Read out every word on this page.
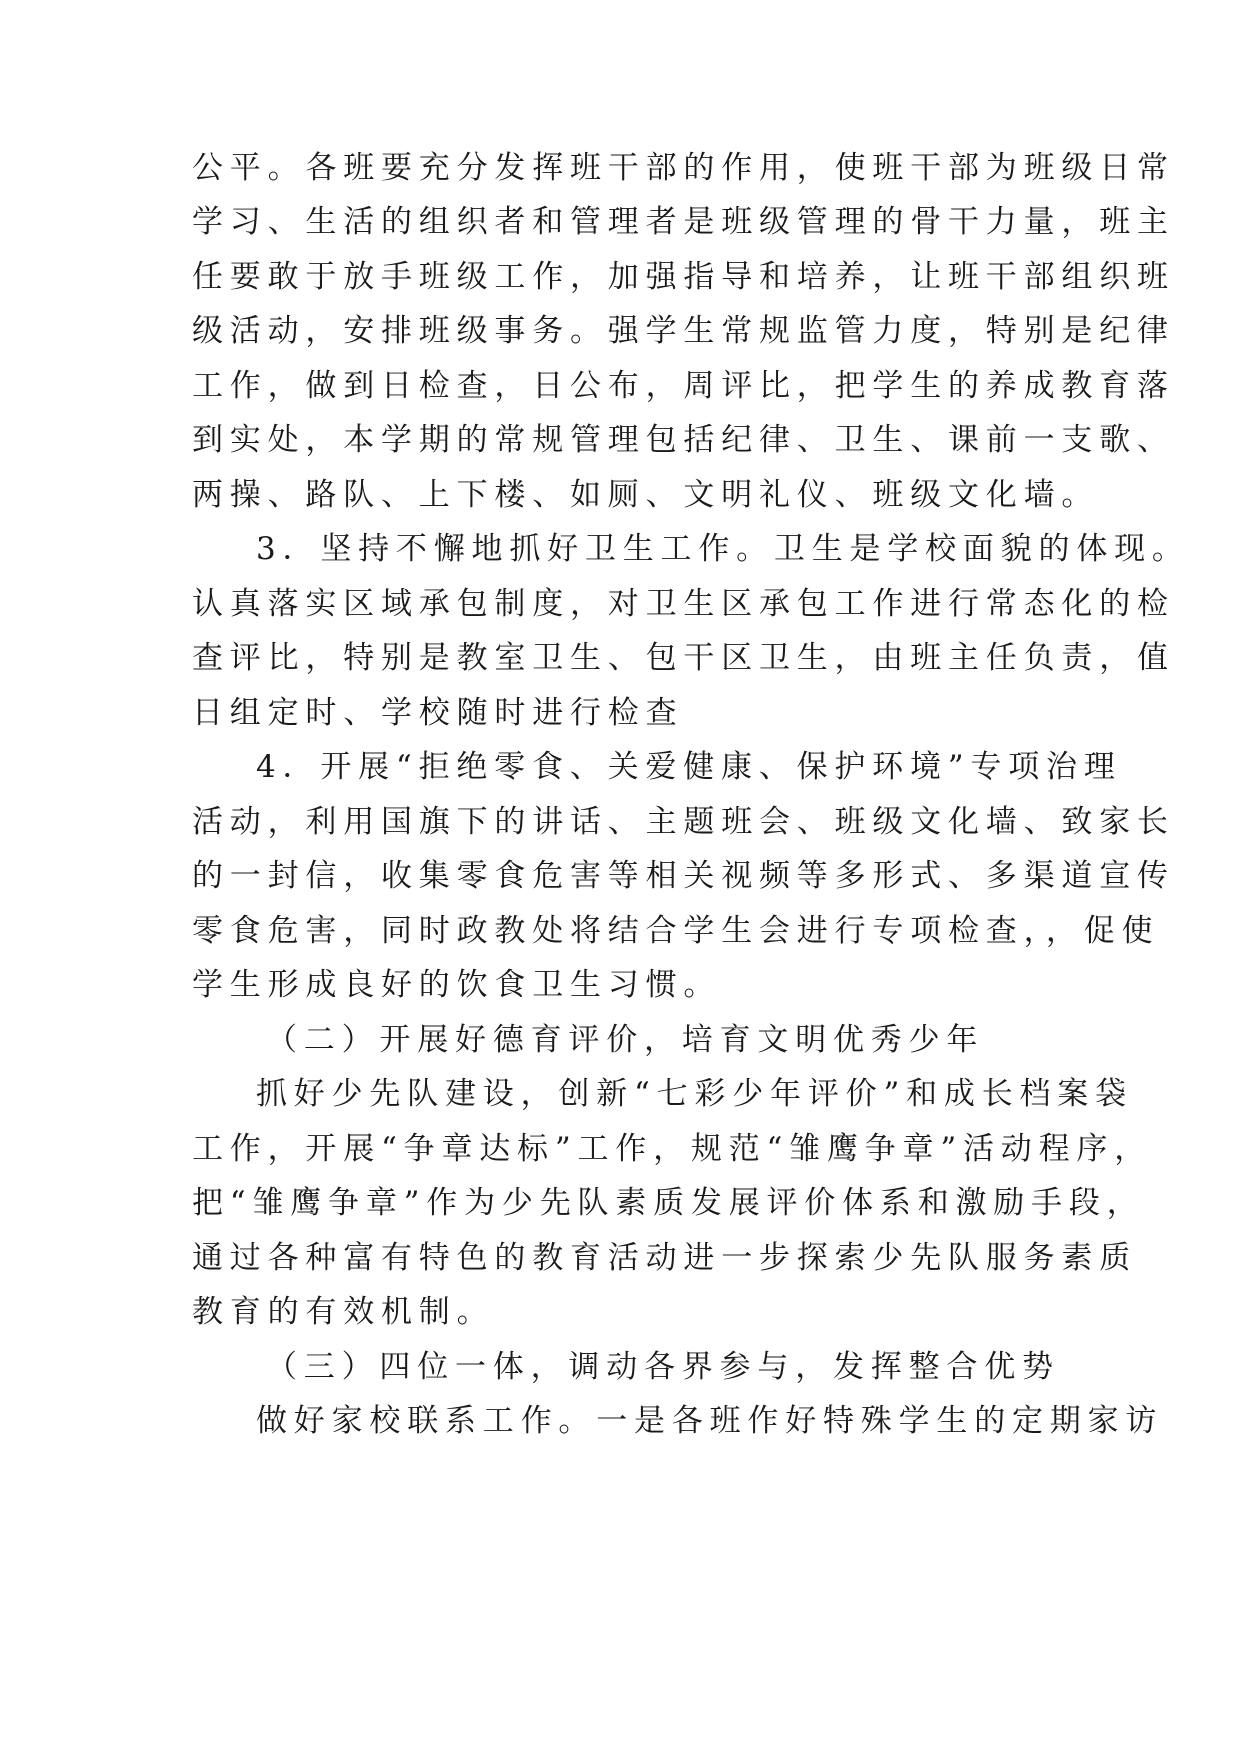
公平。各班要充分发挥班干部的作用，使班干部为班级日常
学习、生活的组织者和管理者是班级管理的骨干力量，班主
任要敢于放手班级工作，加强指导和培养，让班干部组织班
级活动，安排班级事务。强学生常规监管力度，特别是纪律
工作，做到日检查，日公布，周评比，把学生的养成教育落
到实处，本学期的常规管理包括纪律、卫生、课前一支歌、
两操、路队、上下楼、如厕、文明礼仪、班级文化墙。
3．坚持不懈地抓好卫生工作。卫生是学校面貌的体现。
认真落实区域承包制度，对卫生区承包工作进行常态化的检
查评比，特别是教室卫生、包干区卫生，由班主任负责，值
日组定时、学校随时进行检查
4．开展“拒绝零食、关爱健康、保护环境”专项治理
活动，利用国旗下的讲话、主题班会、班级文化墙、致家长
的一封信，收集零食危害等相关视频等多形式、多渠道宣传
零食危害，同时政教处将结合学生会进行专项检查，，促使
学生形成良好的饮食卫生习惯。
（二）开展好德育评价，培育文明优秀少年
抓好少先队建设，创新“七彩少年评价”和成长档案袋
工作，开展“争章达标”工作，规范“雏鹰争章”活动程序，
把“雏鹰争章”作为少先队素质发展评价体系和激励手段，
通过各种富有特色的教育活动进一步探索少先队服务素质
教育的有效机制。
（三）四位一体，调动各界参与，发挥整合优势
做好家校联系工作。一是各班作好特殊学生的定期家访
